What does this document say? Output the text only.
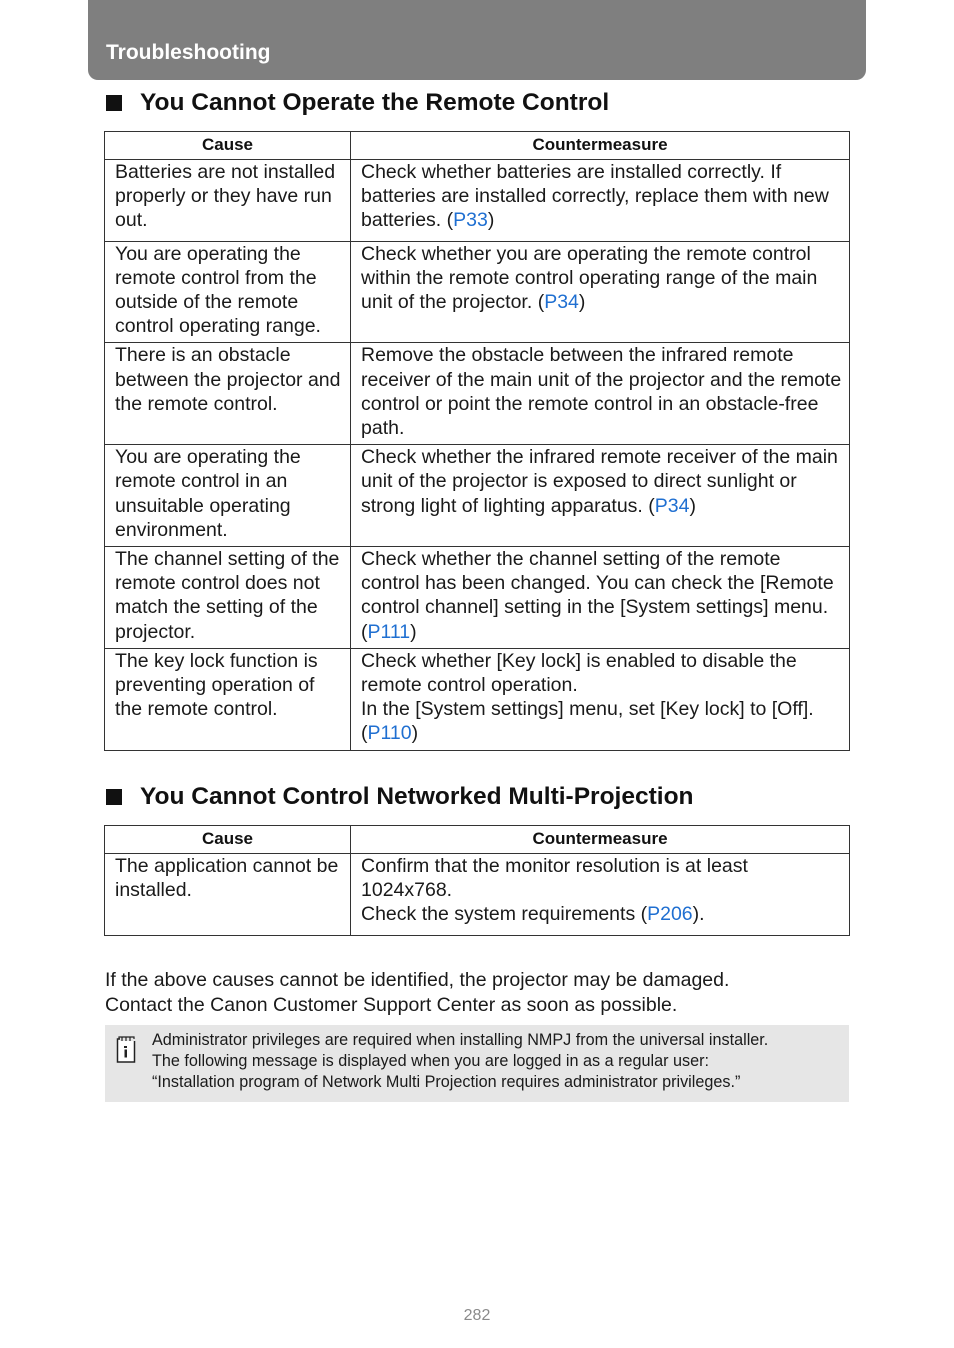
Troubleshooting
You Cannot Operate the Remote Control
Cause	Countermeasure
Batteries are not installed properly or they have run out.	Check whether batteries are installed correctly. If batteries are installed correctly, replace them with new batteries. (P33)
You are operating the remote control from the outside of the remote control operating range.	Check whether you are operating the remote control within the remote control operating range of the main unit of the projector. (P34)
There is an obstacle between the projector and the remote control.	Remove the obstacle between the infrared remote receiver of the main unit of the projector and the remote control or point the remote control in an obstacle-free path.
You are operating the remote control in an unsuitable operating environment.	Check whether the infrared remote receiver of the main unit of the projector is exposed to direct sunlight or strong light of lighting apparatus. (P34)
The channel setting of the remote control does not match the setting of the projector.	Check whether the channel setting of the remote control has been changed. You can check the [Remote control channel] setting in the [System settings] menu. (P111)
The key lock function is preventing operation of the remote control.	Check whether [Key lock] is enabled to disable the remote control operation.
In the [System settings] menu, set [Key lock] to [Off]. (P110)
You Cannot Control Networked Multi-Projection
Cause	Countermeasure
The application cannot be installed.	Confirm that the monitor resolution is at least 1024x768.
Check the system requirements (P206).
If the above causes cannot be identified, the projector may be damaged.
Contact the Canon Customer Support Center as soon as possible.
Administrator privileges are required when installing NMPJ from the universal installer.
The following message is displayed when you are logged in as a regular user:
“Installation program of Network Multi Projection requires administrator privileges.”
282
